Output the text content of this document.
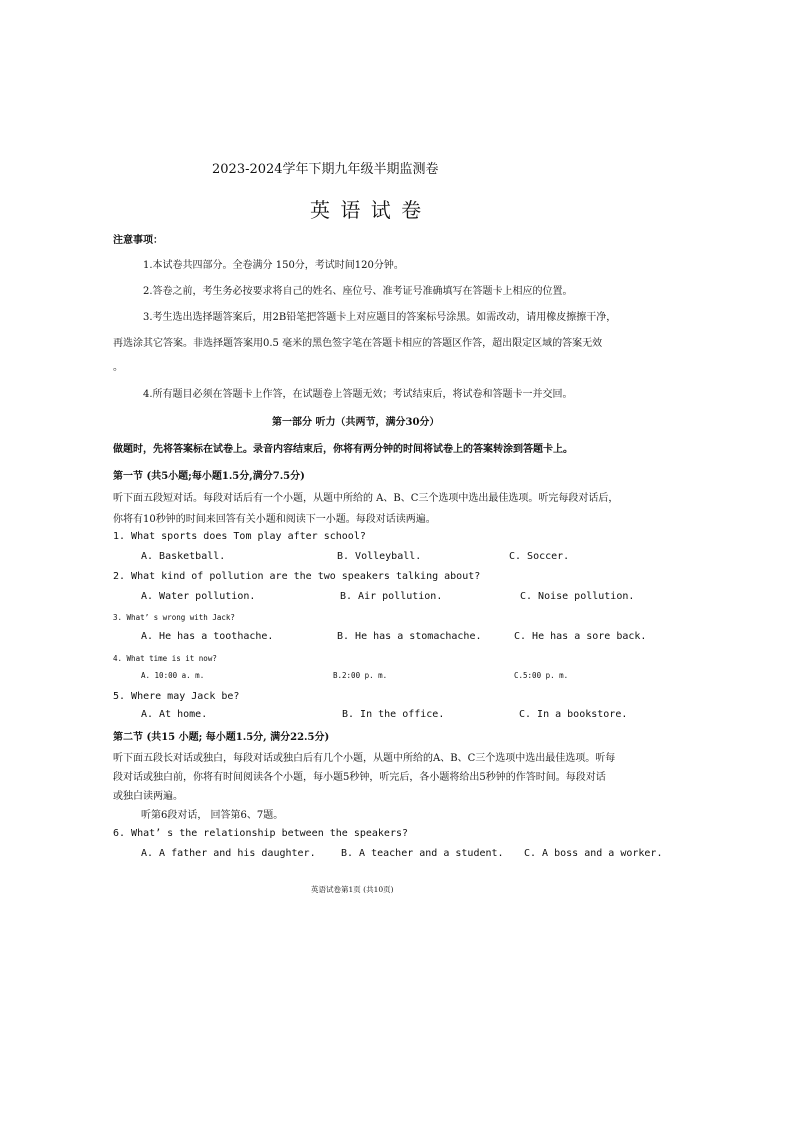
2023-2024学年下期九年级半期监测卷
英 语 试 卷
注意事项：
1.本试卷共四部分。全卷满分 150分，考试时间120分钟。
2.答卷之前，考生务必按要求将自己的姓名、座位号、准考证号准确填写在答题卡上相应的位置。
3.考生选出选择题答案后，用2B铅笔把答题卡上对应题目的答案标号涂黑。如需改动，请用橡皮擦擦干净，
再选涂其它答案。非选择题答案用0.5 毫米的黑色签字笔在答题卡相应的答题区作答，超出限定区域的答案无效
。
4.所有题目必须在答题卡上作答，在试题卷上答题无效；考试结束后，将试卷和答题卡一并交回。
第一部分 听力（共两节，满分30分）
做题时，先将答案标在试卷上。录音内容结束后，你将有两分钟的时间将试卷上的答案转涂到答题卡上。
第一节 (共5小题;每小题1.5分,满分7.5分)
听下面五段短对话。每段对话后有一个小题，从题中所给的 A、B、C三个选项中选出最佳选项。听完每段对话后，
你将有10秒钟的时间来回答有关小题和阅读下一小题。每段对话读两遍。
1. What sports does Tom play after school?
A. Basketball.	B. Volleyball.	C. Soccer.
2. What kind of pollution are the two speakers talking about?
A. Water pollution.	B. Air pollution.	C. Noise pollution.
3. What’ s wrong with Jack?
A. He has a toothache.	B. He has a stomachache.	C. He has a sore back.
4. What time is it now?
A. 10:00 a. m.	B.2:00 p. m.	C.5:00 p. m.
5. Where may Jack be?
A. At home.	B. In the office.	C. In a bookstore.
第二节 (共15 小题; 每小题1.5分, 满分22.5分)
听下面五段长对话或独白，每段对话或独白后有几个小题，从题中所给的A、B、C三个选项中选出最佳选项。听每
段对话或独白前，你将有时间阅读各个小题，每小题5秒钟，听完后，各小题将给出5秒钟的作答时间。每段对话
或独白读两遍。
听第6段对话， 回答第6、7题。
6. What’ s the relationship between the speakers?
A. A father and his daughter.	B. A teacher and a student. C. A boss and a worker.
英语试卷第1页 (共10页)
